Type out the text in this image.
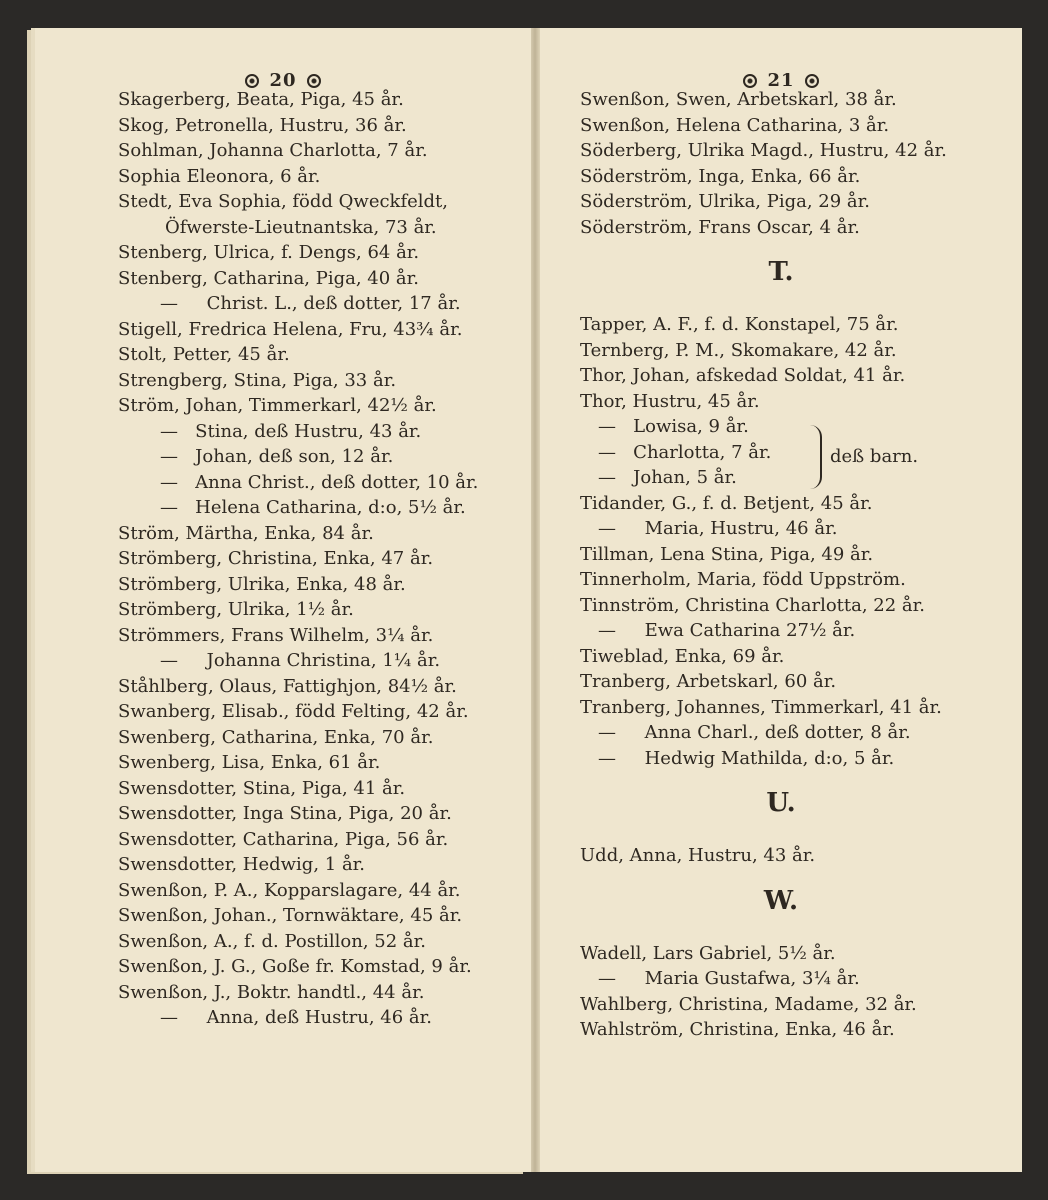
20
Skagerberg, Beata, Piga, 45 år.
Skog, Petronella, Hustru, 36 år.
Sohlman, Johanna Charlotta, 7 år.
Sophia Eleonora, 6 år.
Stedt, Eva Sophia, född Qweckfeldt,
Öfwerste-Lieutnantska, 73 år.
Stenberg, Ulrica, f. Dengs, 64 år.
Stenberg, Catharina, Piga, 40 år.
—     Christ. L., deß dotter, 17 år.
Stigell, Fredrica Helena, Fru, 43¾ år.
Stolt, Petter, 45 år.
Strengberg, Stina, Piga, 33 år.
Ström, Johan, Timmerkarl, 42½ år.
—   Stina, deß Hustru, 43 år.
—   Johan, deß son, 12 år.
—   Anna Christ., deß dotter, 10 år.
—   Helena Catharina, d:o, 5½ år.
Ström, Märtha, Enka, 84 år.
Strömberg, Christina, Enka, 47 år.
Strömberg, Ulrika, Enka, 48 år.
Strömberg, Ulrika, 1½ år.
Strömmers, Frans Wilhelm, 3¼ år.
—     Johanna Christina, 1¼ år.
Ståhlberg, Olaus, Fattighjon, 84½ år.
Swanberg, Elisab., född Felting, 42 år.
Swenberg, Catharina, Enka, 70 år.
Swenberg, Lisa, Enka, 61 år.
Swensdotter, Stina, Piga, 41 år.
Swensdotter, Inga Stina, Piga, 20 år.
Swensdotter, Catharina, Piga, 56 år.
Swensdotter, Hedwig, 1 år.
Swenßon, P. A., Kopparslagare, 44 år.
Swenßon, Johan., Tornwäktare, 45 år.
Swenßon, A., f. d. Postillon, 52 år.
Swenßon, J. G., Goße fr. Komstad, 9 år.
Swenßon, J., Boktr. handtl., 44 år.
—     Anna, deß Hustru, 46 år.
21
Swenßon, Swen, Arbetskarl, 38 år.
Swenßon, Helena Catharina, 3 år.
Söderberg, Ulrika Magd., Hustru, 42 år.
Söderström, Inga, Enka, 66 år.
Söderström, Ulrika, Piga, 29 år.
Söderström, Frans Oscar, 4 år.
T.
Tapper, A. F., f. d. Konstapel, 75 år.
Ternberg, P. M., Skomakare, 42 år.
Thor, Johan, afskedad Soldat, 41 år.
Thor, Hustru, 45 år.
—   Lowisa, 9 år.
—   Charlotta, 7 år.
—   Johan, 5 år.
Tidander, G., f. d. Betjent, 45 år.
—     Maria, Hustru, 46 år.
Tillman, Lena Stina, Piga, 49 år.
Tinnerholm, Maria, född Uppström.
Tinnström, Christina Charlotta, 22 år.
—     Ewa Catharina 27½ år.
Tiweblad, Enka, 69 år.
Tranberg, Arbetskarl, 60 år.
Tranberg, Johannes, Timmerkarl, 41 år.
—     Anna Charl., deß dotter, 8 år.
—     Hedwig Mathilda, d:o, 5 år.
U.
Udd, Anna, Hustru, 43 år.
W.
Wadell, Lars Gabriel, 5½ år.
—     Maria Gustafwa, 3¼ år.
Wahlberg, Christina, Madame, 32 år.
Wahlström, Christina, Enka, 46 år.
deß barn.
